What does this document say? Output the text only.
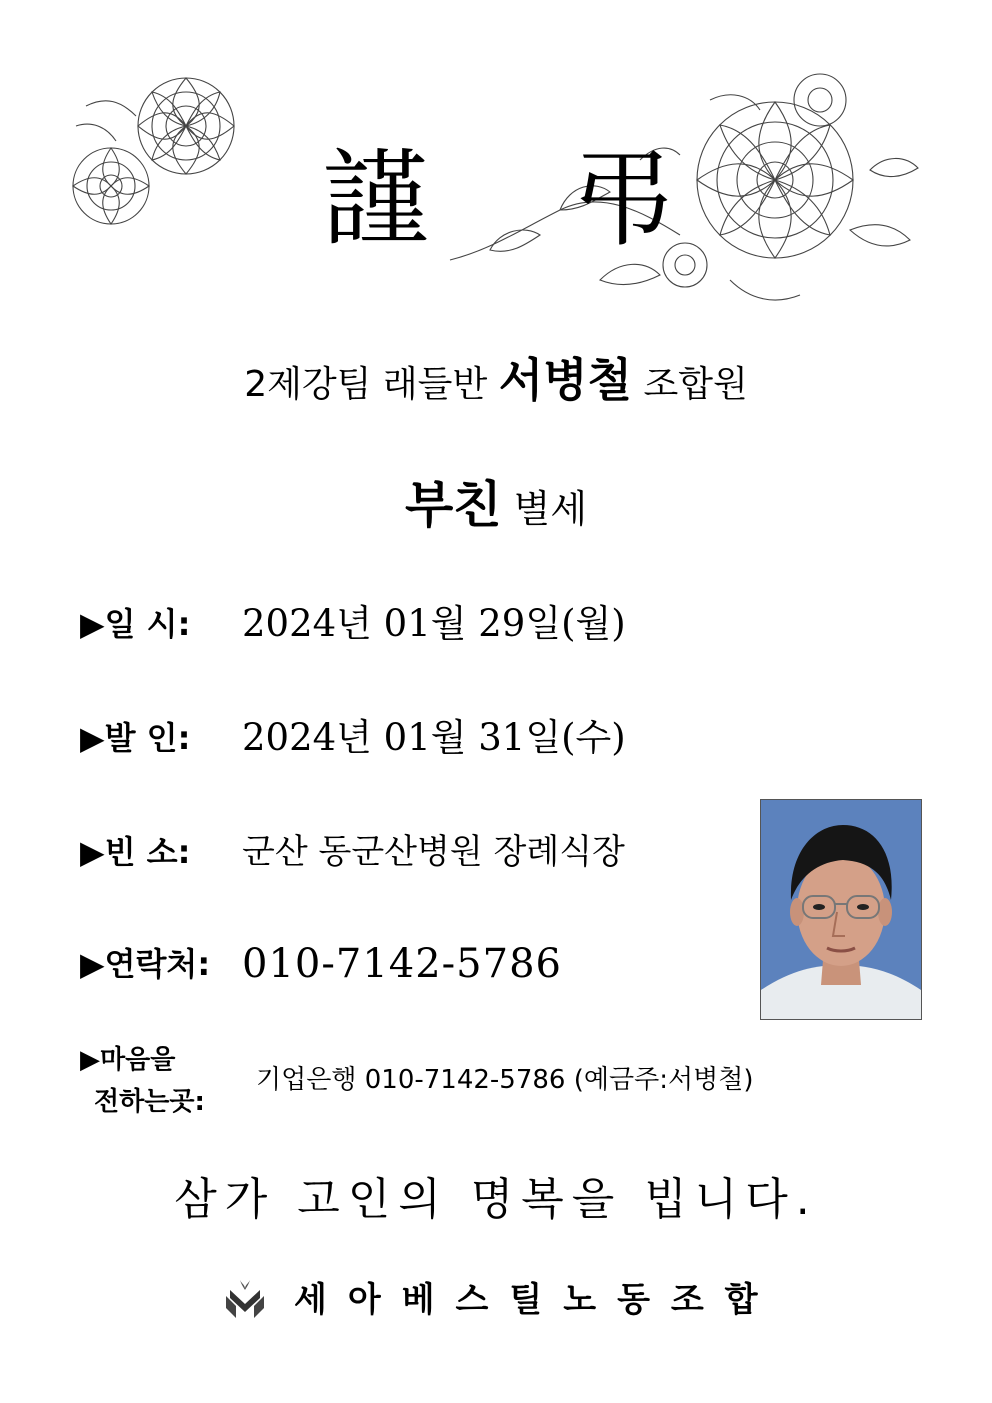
謹 弔
2제강팀 래들반 서병철 조합원
부친 별세
▶일 시: 2024년 01월 29일(월)
▶발 인: 2024년 01월 31일(수)
▶빈 소: 군산 동군산병원 장례식장
▶연락처: 010-7142-5786
▶마음을
전하는곳:
기업은행 010-7142-5786 (예금주:서병철)
삼가 고인의 명복을 빕니다.
세아베스틸노동조합
